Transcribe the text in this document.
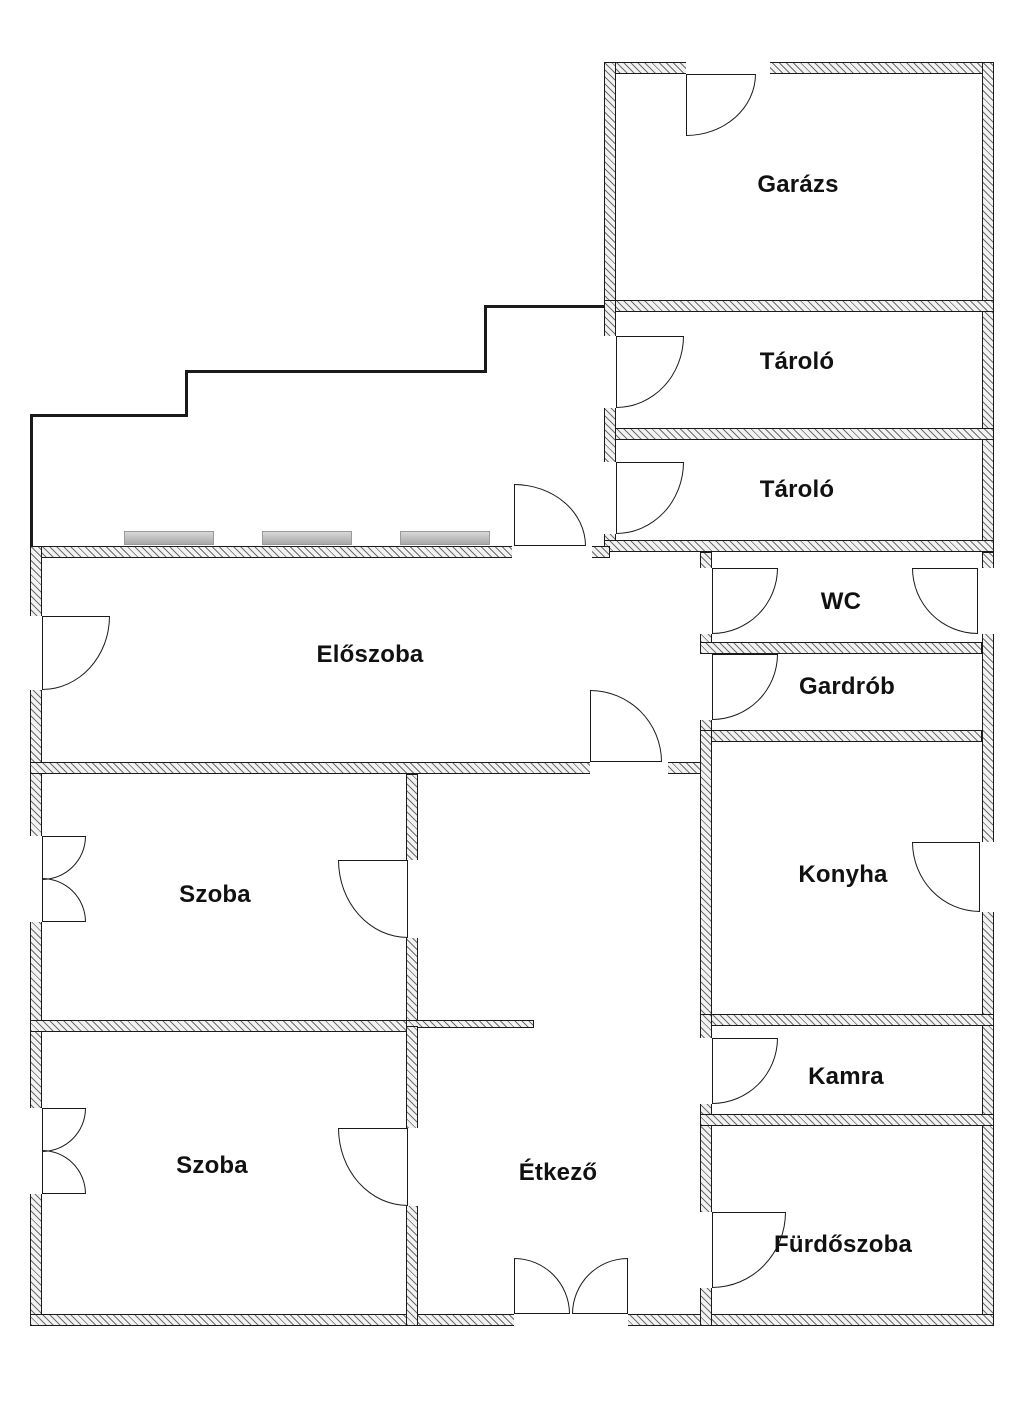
Garázs
Tároló
Tároló
Előszoba
WC
Gardrób
Konyha
Szoba
Szoba	Étkező
Kamra
Fürdőszoba
